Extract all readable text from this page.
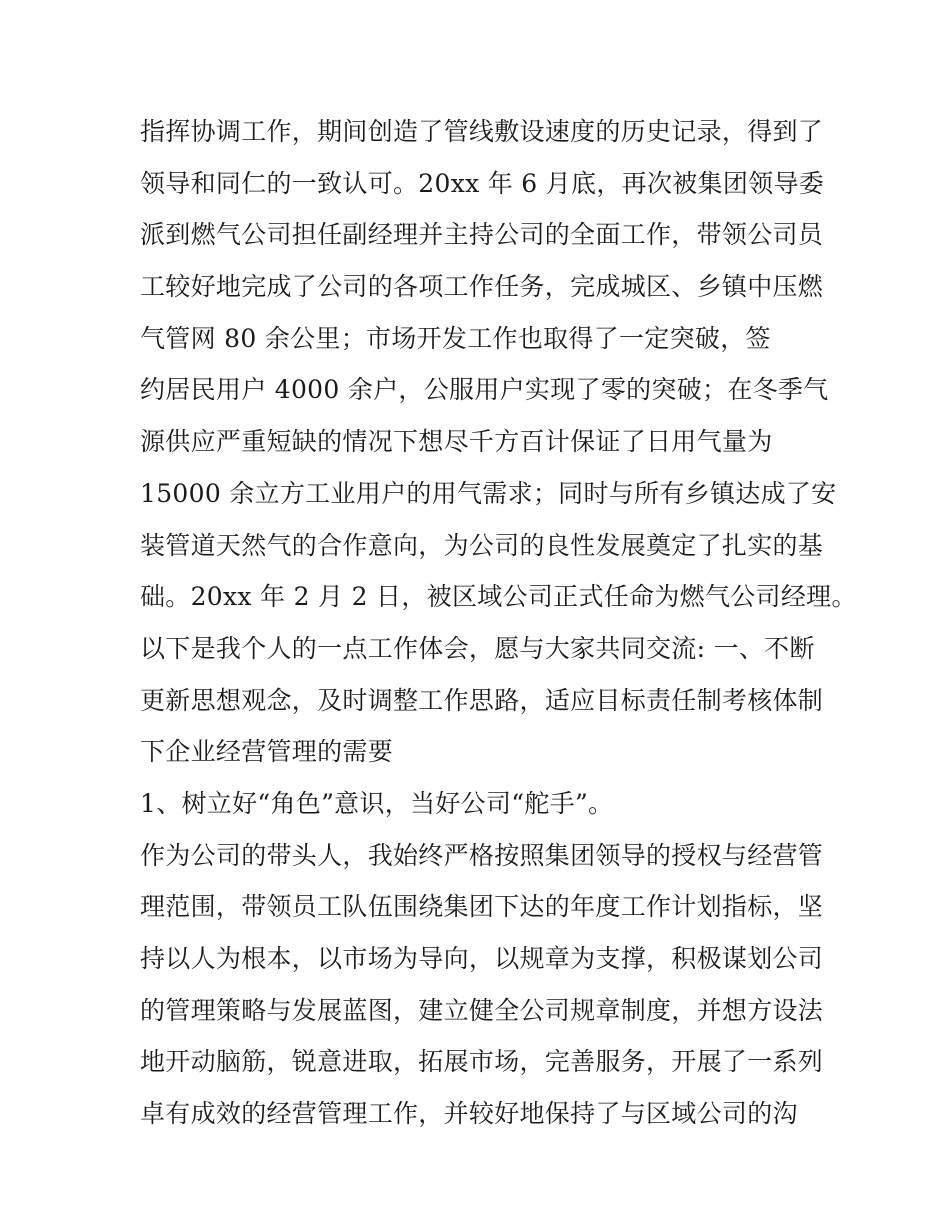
指挥协调工作，期间创造了管线敷设速度的历史记录，得到了
领导和同仁的一致认可。20xx 年 6 月底，再次被集团领导委
派到燃气公司担任副经理并主持公司的全面工作，带领公司员
工较好地完成了公司的各项工作任务，完成城区、乡镇中压燃
气管网 80 余公里；市场开发工作也取得了一定突破，签
约居民用户 4000 余户，公服用户实现了零的突破；在冬季气
源供应严重短缺的情况下想尽千方百计保证了日用气量为
15000 余立方工业用户的用气需求；同时与所有乡镇达成了安
装管道天然气的合作意向，为公司的良性发展奠定了扎实的基
础。20xx 年 2 月 2 日，被区域公司正式任命为燃气公司经理。
以下是我个人的一点工作体会，愿与大家共同交流: 一、不断
更新思想观念，及时调整工作思路，适应目标责任制考核体制
下企业经营管理的需要
1、树立好“角色”意识，当好公司“舵手”。
作为公司的带头人，我始终严格按照集团领导的授权与经营管
理范围，带领员工队伍围绕集团下达的年度工作计划指标，坚
持以人为根本，以市场为导向，以规章为支撑，积极谋划公司
的管理策略与发展蓝图，建立健全公司规章制度，并想方设法
地开动脑筋，锐意进取，拓展市场，完善服务，开展了一系列
卓有成效的经营管理工作，并较好地保持了与区域公司的沟
